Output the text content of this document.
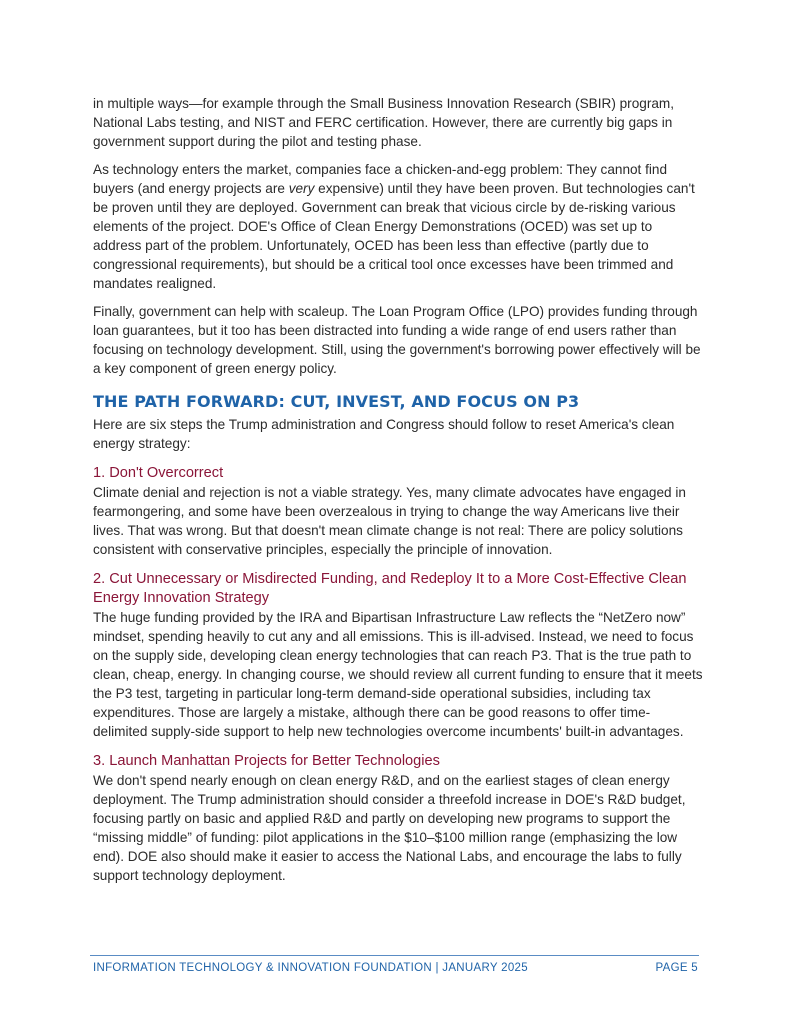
in multiple ways—for example through the Small Business Innovation Research (SBIR) program, National Labs testing, and NIST and FERC certification. However, there are currently big gaps in government support during the pilot and testing phase.

As technology enters the market, companies face a chicken-and-egg problem: They cannot find buyers (and energy projects are very expensive) until they have been proven. But technologies can't be proven until they are deployed. Government can break that vicious circle by de-risking various elements of the project. DOE's Office of Clean Energy Demonstrations (OCED) was set up to address part of the problem. Unfortunately, OCED has been less than effective (partly due to congressional requirements), but should be a critical tool once excesses have been trimmed and mandates realigned.

Finally, government can help with scaleup. The Loan Program Office (LPO) provides funding through loan guarantees, but it too has been distracted into funding a wide range of end users rather than focusing on technology development. Still, using the government's borrowing power effectively will be a key component of green energy policy.

THE PATH FORWARD: CUT, INVEST, AND FOCUS ON P3

Here are six steps the Trump administration and Congress should follow to reset America's clean energy strategy:

1. Don't Overcorrect

Climate denial and rejection is not a viable strategy. Yes, many climate advocates have engaged in fearmongering, and some have been overzealous in trying to change the way Americans live their lives. That was wrong. But that doesn't mean climate change is not real: There are policy solutions consistent with conservative principles, especially the principle of innovation.

2. Cut Unnecessary or Misdirected Funding, and Redeploy It to a More Cost-Effective Clean Energy Innovation Strategy

The huge funding provided by the IRA and Bipartisan Infrastructure Law reflects the “NetZero now” mindset, spending heavily to cut any and all emissions. This is ill-advised. Instead, we need to focus on the supply side, developing clean energy technologies that can reach P3. That is the true path to clean, cheap, energy. In changing course, we should review all current funding to ensure that it meets the P3 test, targeting in particular long-term demand-side operational subsidies, including tax expenditures. Those are largely a mistake, although there can be good reasons to offer time-delimited supply-side support to help new technologies overcome incumbents' built-in advantages.

3. Launch Manhattan Projects for Better Technologies

We don't spend nearly enough on clean energy R&D, and on the earliest stages of clean energy deployment. The Trump administration should consider a threefold increase in DOE's R&D budget, focusing partly on basic and applied R&D and partly on developing new programs to support the “missing middle” of funding: pilot applications in the $10–$100 million range (emphasizing the low end). DOE also should make it easier to access the National Labs, and encourage the labs to fully support technology deployment.

INFORMATION TECHNOLOGY & INNOVATION FOUNDATION | JANUARY 2025	PAGE 5
